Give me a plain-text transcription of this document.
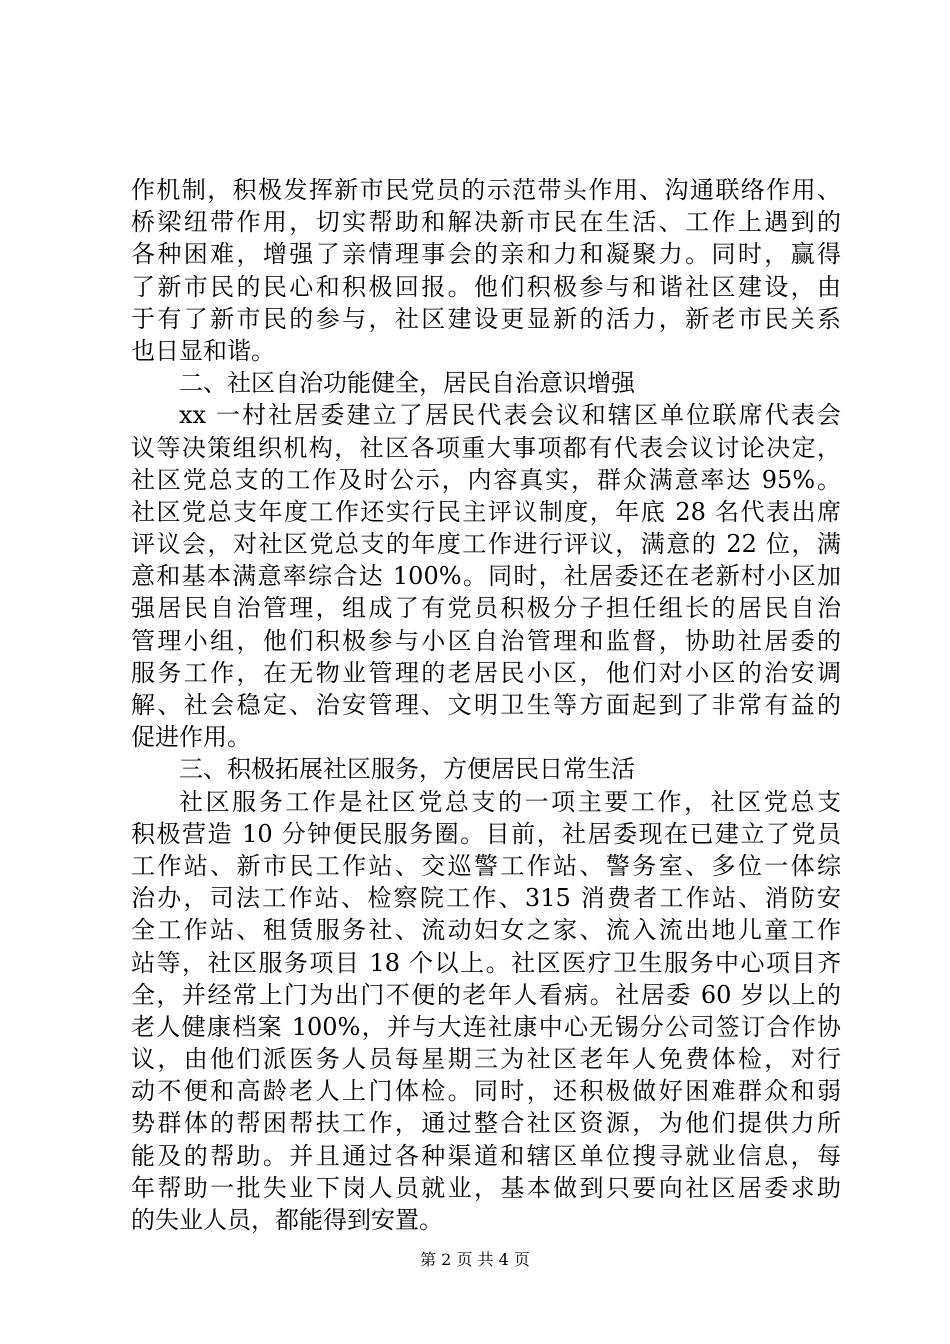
作机制，积极发挥新市民党员的示范带头作用、沟通联络作用、
桥梁纽带作用，切实帮助和解决新市民在生活、工作上遇到的
各种困难，增强了亲情理事会的亲和力和凝聚力。同时，赢得
了新市民的民心和积极回报。他们积极参与和谐社区建设，由
于有了新市民的参与，社区建设更显新的活力，新老市民关系
也日显和谐。
二、社区自治功能健全，居民自治意识增强
xx 一村社居委建立了居民代表会议和辖区单位联席代表会
议等决策组织机构，社区各项重大事项都有代表会议讨论决定，
社区党总支的工作及时公示，内容真实，群众满意率达 95%。
社区党总支年度工作还实行民主评议制度，年底 28 名代表出席
评议会，对社区党总支的年度工作进行评议，满意的 22 位，满
意和基本满意率综合达 100%。同时，社居委还在老新村小区加
强居民自治管理，组成了有党员积极分子担任组长的居民自治
管理小组，他们积极参与小区自治管理和监督，协助社居委的
服务工作，在无物业管理的老居民小区，他们对小区的治安调
解、社会稳定、治安管理、文明卫生等方面起到了非常有益的
促进作用。
三、积极拓展社区服务，方便居民日常生活
社区服务工作是社区党总支的一项主要工作，社区党总支
积极营造 10 分钟便民服务圈。目前，社居委现在已建立了党员
工作站、新市民工作站、交巡警工作站、警务室、多位一体综
治办，司法工作站、检察院工作、315 消费者工作站、消防安
全工作站、租赁服务社、流动妇女之家、流入流出地儿童工作
站等，社区服务项目 18 个以上。社区医疗卫生服务中心项目齐
全，并经常上门为出门不便的老年人看病。社居委 60 岁以上的
老人健康档案 100%，并与大连社康中心无锡分公司签订合作协
议，由他们派医务人员每星期三为社区老年人免费体检，对行
动不便和高龄老人上门体检。同时，还积极做好困难群众和弱
势群体的帮困帮扶工作，通过整合社区资源，为他们提供力所
能及的帮助。并且通过各种渠道和辖区单位搜寻就业信息，每
年帮助一批失业下岗人员就业，基本做到只要向社区居委求助
的失业人员，都能得到安置。
第 2 页 共 4 页
